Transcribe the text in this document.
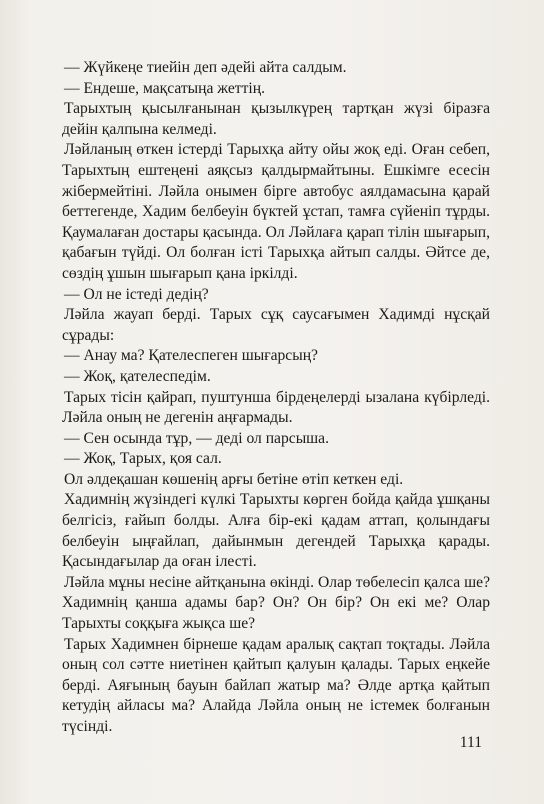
— Жүйкеңе тиейін деп әдейі айта салдым.

— Ендеше, мақсатыңа жеттің.

Тарыхтың қысылғанынан қызылкүрең тартқан жүзі біразға дейін қалпына келмеді.

Ләйланың өткен істерді Тарыхқа айту ойы жоқ еді. Оған себеп, Тарыхтың ештеңені аяқсыз қалдырмайтыны. Ешкімге есесін жібермейтіні. Ләйла онымен бірге автобус аялдамасына қарай беттегенде, Хадим белбеуін бүктей ұстап, тамға сүйеніп тұрды. Қаумалаған достары қасында. Ол Ләйлаға қарап тілін шығарып, қабағын түйді. Ол болған істі Тарыхқа айтып салды. Әйтсе де, сөздің ұшын шығарып қана іркілді.

— Ол не істеді дедің?

Ләйла жауап берді. Тарых сұқ саусағымен Хадимді нұсқай сұрады:

— Анау ма? Қателеспеген шығарсың?

— Жоқ, қателеспедім.

Тарых тісін қайрап, пуштунша бірдеңелерді ызалана күбірледі. Ләйла оның не дегенін аңғармады.

— Сен осында тұр, — деді ол парсыша.

— Жоқ, Тарых, қоя сал.

Ол әлдеқашан көшенің арғы бетіне өтіп кеткен еді.

Хадимнің жүзіндегі күлкі Тарыхты көрген бойда қайда ұшқаны белгісіз, ғайып болды. Алға бір-екі қадам аттап, қолындағы белбеуін ыңғайлап, дайынмын дегендей Тарыхқа қарады. Қасындағылар да оған ілесті.

Ләйла мұны несіне айтқанына өкінді. Олар төбелесіп қалса ше? Хадимнің қанша адамы бар? Он? Он бір? Он екі ме? Олар Тарыхты соққыға жықса ше?

Тарых Хадимнен бірнеше қадам аралық сақтап тоқтады. Ләйла оның сол сәтте ниетінен қайтып қалуын қалады. Тарых еңкейе берді. Аяғының бауын байлап жатыр ма? Әлде артқа қайтып кетудің айласы ма? Алайда Ләйла оның не істемек болғанын түсінді.

111
